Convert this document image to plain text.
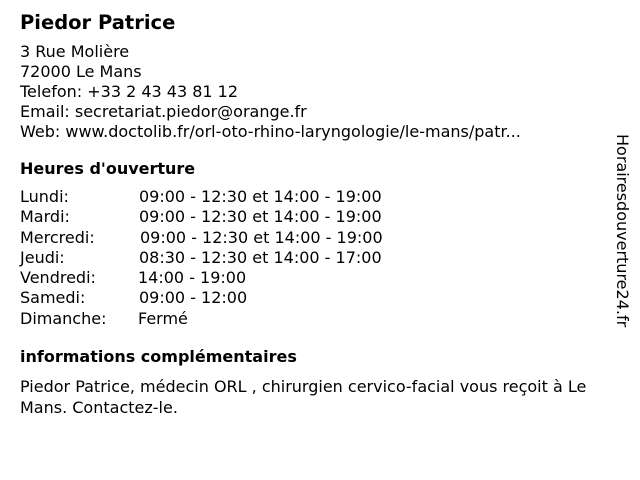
Piedor Patrice
3 Rue Molière
72000 Le Mans
Telefon: +33 2 43 43 81 12
Email: secretariat.piedor@orange.fr
Web: www.doctolib.fr/orl-oto-rhino-laryngologie/le-mans/patr...
Heures d'ouverture
Lundi:	09:00 - 12:30 et 14:00 - 19:00
Mardi:	09:00 - 12:30 et 14:00 - 19:00
Mercredi:	09:00 - 12:30 et 14:00 - 19:00
Jeudi:	08:30 - 12:30 et 14:00 - 17:00
Vendredi:	14:00 - 19:00
Samedi:	09:00 - 12:00
Dimanche: Fermé
informations complémentaires
Piedor Patrice, médecin ORL , chirurgien cervico-facial vous reçoit à Le Mans. Contactez-le.
Horairesdouverture24.fr
